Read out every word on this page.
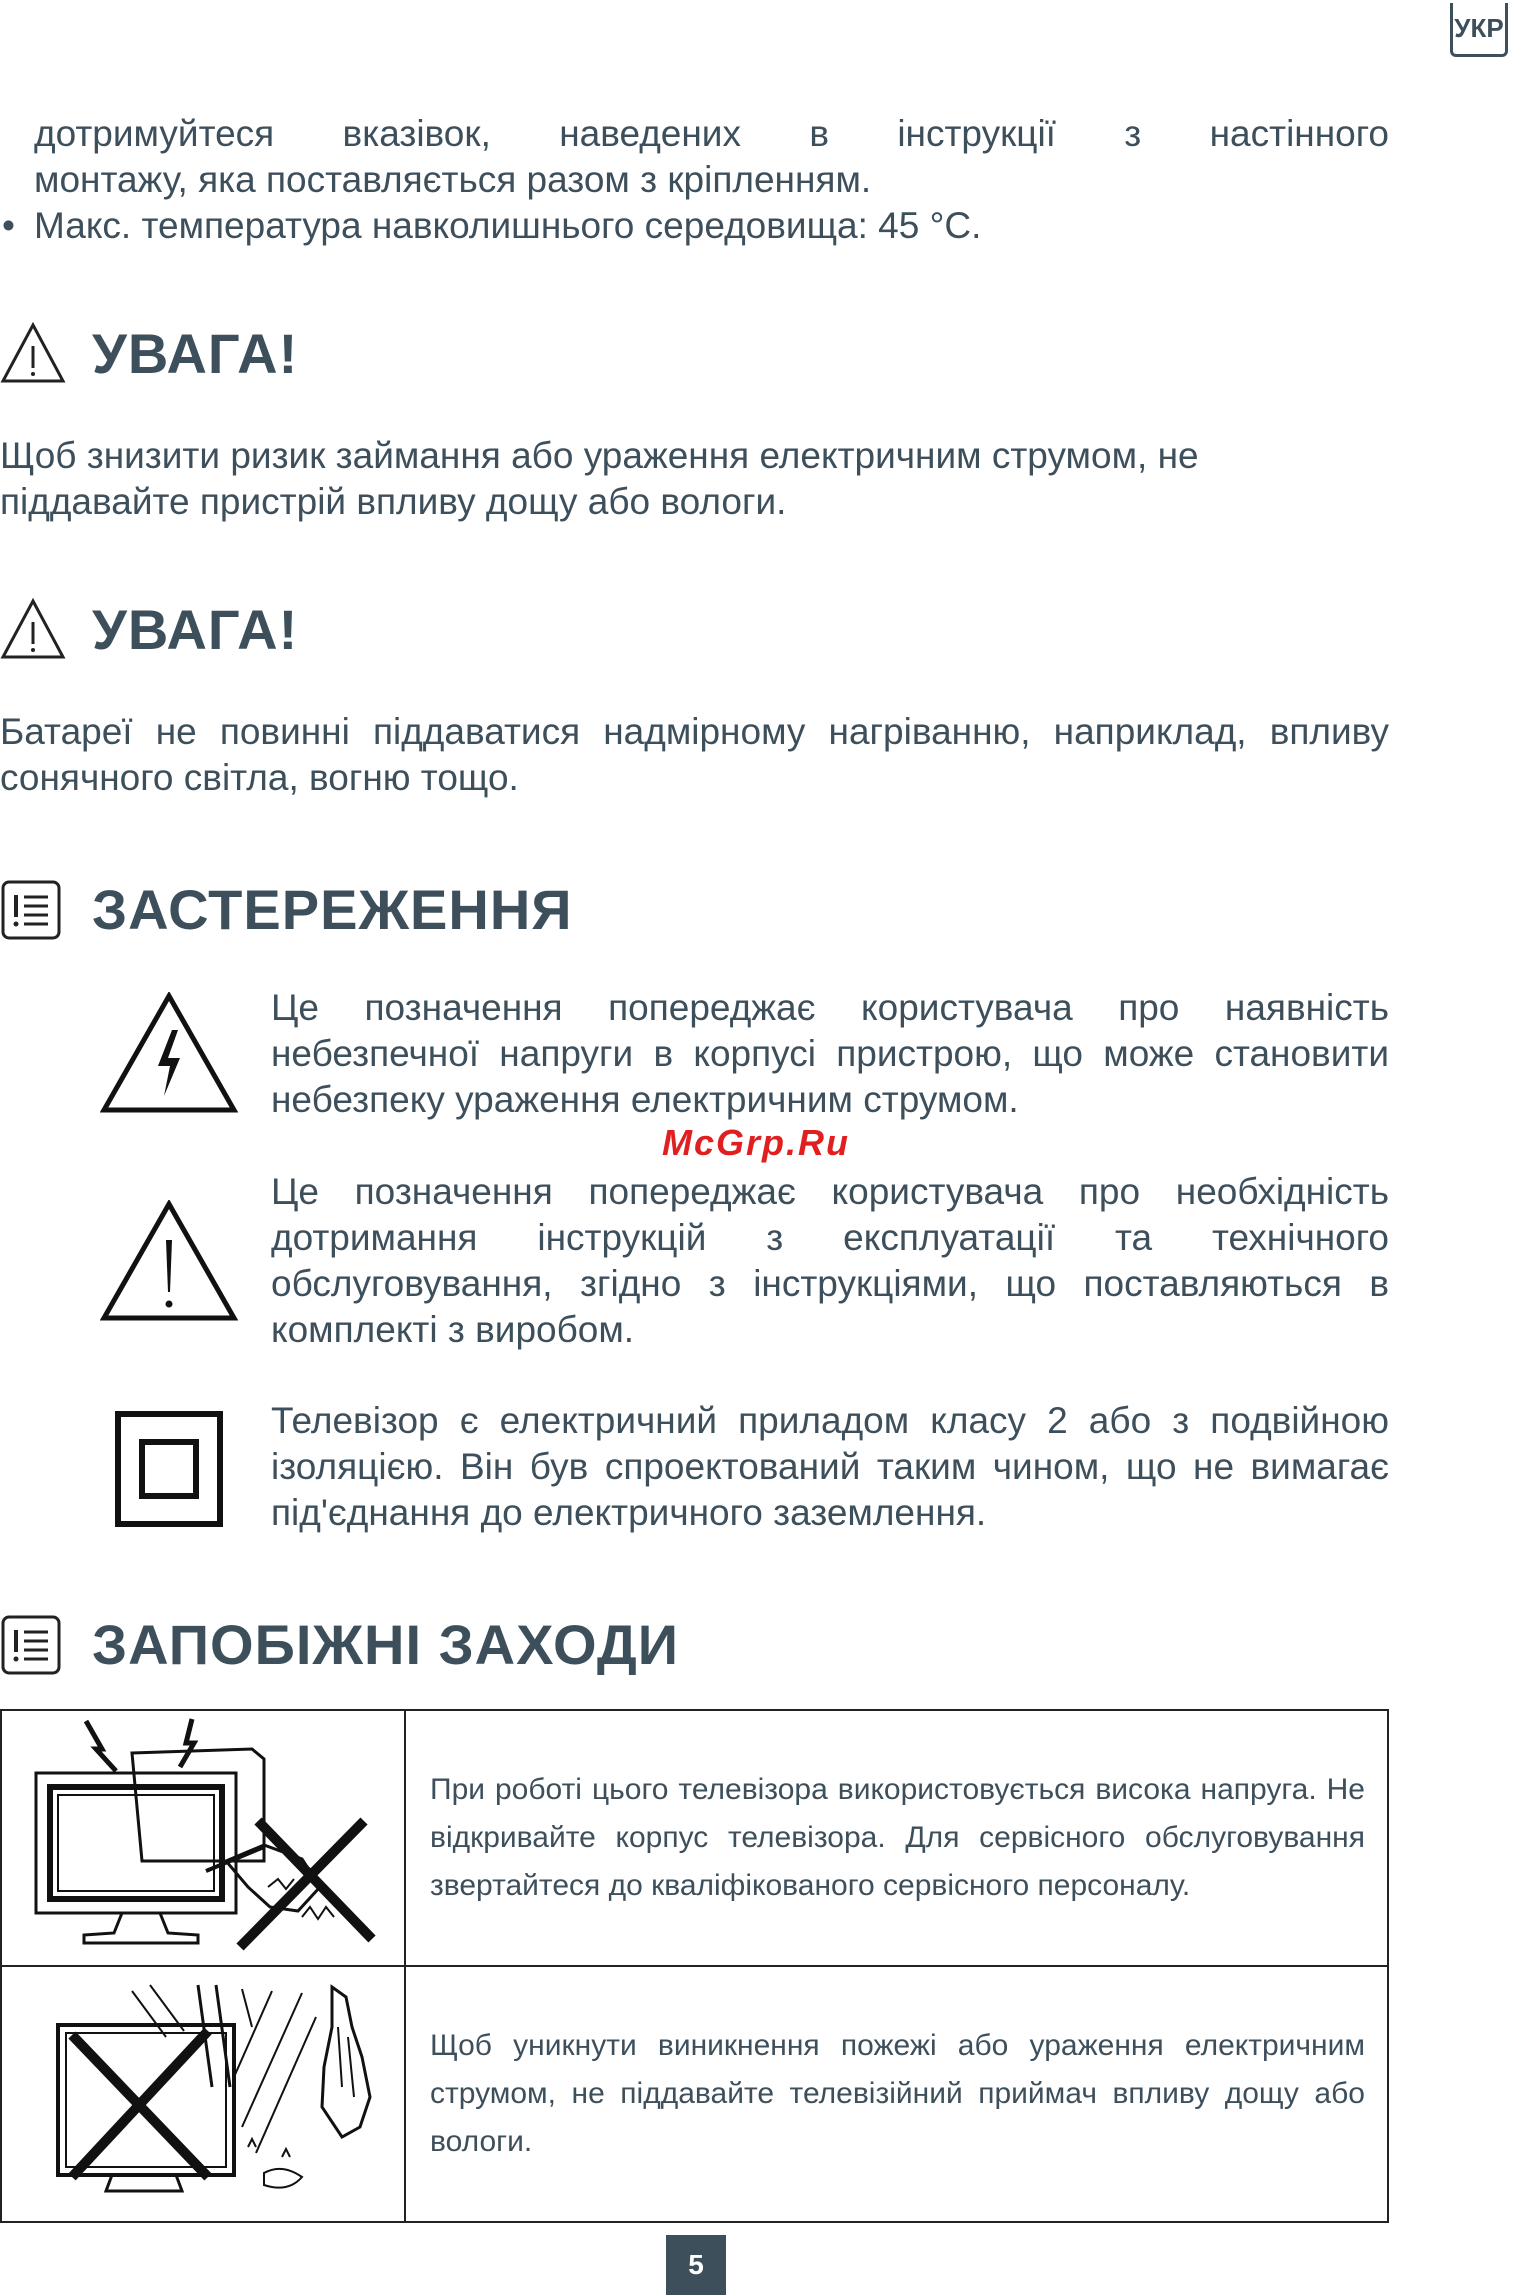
УКР

дотримуйтеся вказівок, наведених в інструкції з настінного

монтажу, яка поставляється разом з кріпленням.

• Макс. температура навколишнього середовища: 45 °C.

УВАГА!

Щоб знизити ризик займання або ураження електричним струмом, не піддавайте пристрій впливу дощу або вологи.

УВАГА!

Батареї не повинні піддаватися надмірному нагріванню, наприклад, впливу сонячного світла, вогню тощо.

ЗАСТЕРЕЖЕННЯ

Це позначення попереджає користувача про наявність небезпечної напруги в корпусі пристрою, що може становити небезпеку ураження електричним струмом.

McGrp.Ru

Це позначення попереджає користувача про необхідність дотримання інструкцій з експлуатації та технічного обслуговування, згідно з інструкціями, що поставляються в комплекті з виробом.

Телевізор є електричний приладом класу 2 або з подвійною ізоляцією. Він був спроектований таким чином, що не вимагає під'єднання до електричного заземлення.

ЗАПОБІЖНІ ЗАХОДИ
	При роботі цього телевізора використовується висока напруга. Не відкривайте корпус телевізора. Для сервісного обслуговування звертайтеся до кваліфікованого сервісного персоналу.
	Щоб уникнути виникнення пожежі або ураження електричним струмом, не піддавайте телевізійний приймач впливу дощу або вологи.
5
